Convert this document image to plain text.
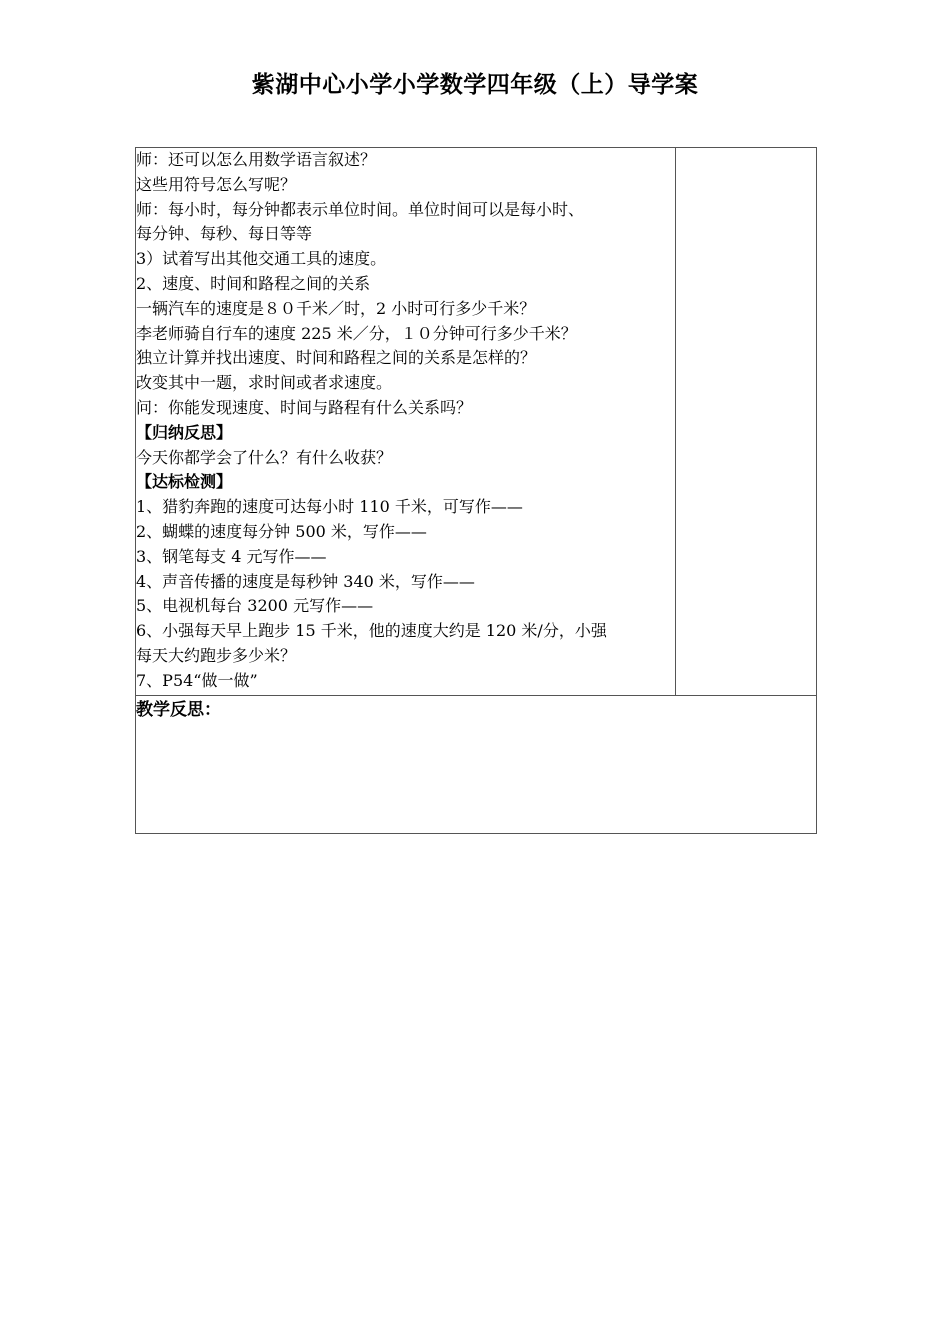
紫湖中心小学小学数学四年级（上）导学案
师：还可以怎么用数学语言叙述？
这些用符号怎么写呢？
师：每小时，每分钟都表示单位时间。单位时间可以是每小时、
每分钟、每秒、每日等等
3）试着写出其他交通工具的速度。
2、速度、时间和路程之间的关系
一辆汽车的速度是８０千米／时，2 小时可行多少千米？
李老师骑自行车的速度 225 米／分，１０分钟可行多少千米？
独立计算并找出速度、时间和路程之间的关系是怎样的？
改变其中一题，求时间或者求速度。
问：你能发现速度、时间与路程有什么关系吗？
【归纳反思】
今天你都学会了什么？有什么收获？
【达标检测】
1、猎豹奔跑的速度可达每小时 110 千米，可写作——
2、蝴蝶的速度每分钟 500 米，写作——
3、钢笔每支 4 元写作——
4、声音传播的速度是每秒钟 340 米，写作——
5、电视机每台 3200 元写作——
6、小强每天早上跑步 15 千米，他的速度大约是 120 米/分，小强
每天大约跑步多少米？
7、P54“做一做”

教学反思：
